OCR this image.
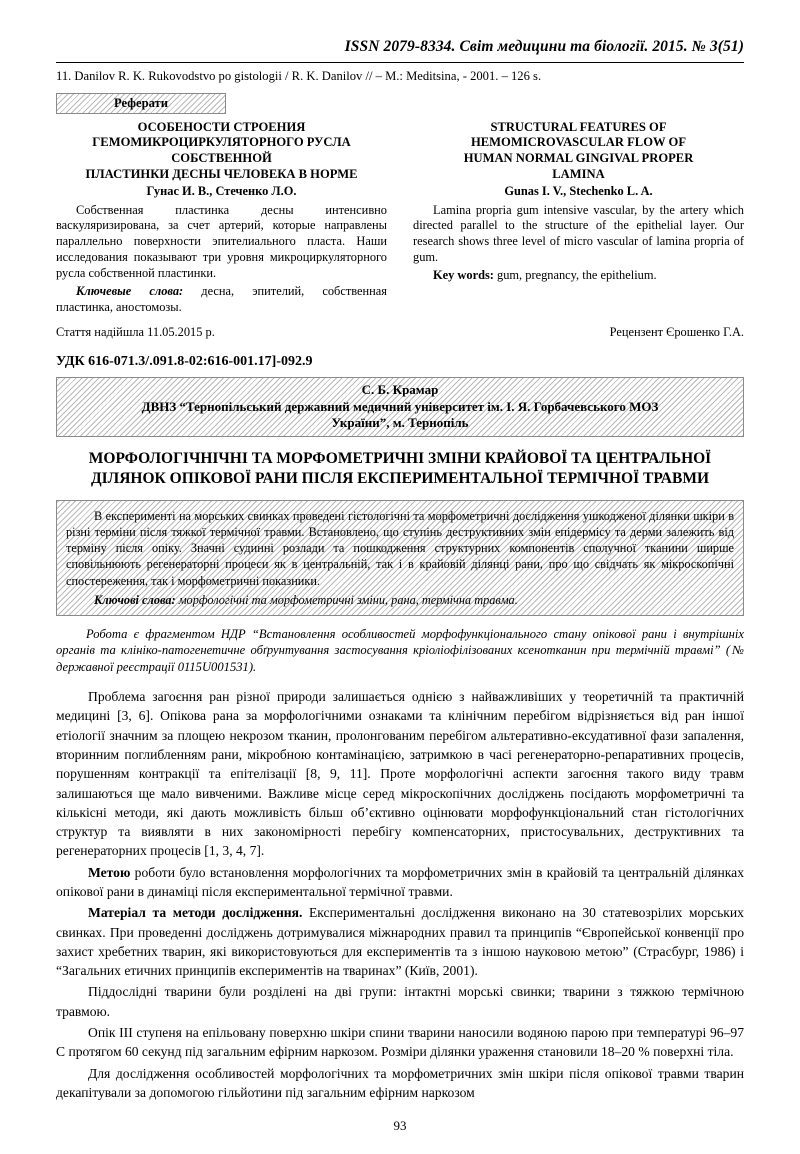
ISSN 2079-8334. Світ медицини та біології. 2015. № 3(51)
11. Danilov R. K. Rukovodstvo po gistologii / R. K. Danilov // – M.: Meditsina, - 2001. – 126 s.
Реферати
ОСОБЕНОСТИ СТРОЕНИЯ
ГЕМОМИКРОЦИРКУЛЯТОРНОГО РУСЛА СОБСТВЕННОЙ
ПЛАСТИНКИ ДЕСНЫ ЧЕЛОВЕКА В НОРМЕ
Гунас И. В., Стеченко Л.О.

Собственная пластинка десны интенсивно васкуляризирована, за счет артерий, которые направлены параллельно поверхности эпителиального пласта. Наши исследования показывают три уровня микроциркуляторного русла собственной пластинки.

Ключевые слова: десна, эпителий, собственная пластинка, аностомозы.

STRUCTURAL FEATURES OF
HEMOMICROVASCULAR FLOW OF
HUMAN NORMAL GINGIVAL PROPER
LAMINA
Gunas I. V., Stechenko L. A.

Lamina propria gum intensive vascular, by the artery which directed parallel to the structure of the epithelial layer. Our research shows three level of micro vascular of lamina propria of gum.

Key words: gum, pregnancy, the epithelium.

Стаття надійшла 11.05.2015 р.	Рецензент Єрошенко Г.А.
УДК 616-071.3/.091.8-02:616-001.17]-092.9
С. Б. Крамар
ДВНЗ “Тернопільський державний медичний університет ім. І. Я. Горбачевського МОЗ
України”, м. Тернопіль
МОРФОЛОГІЧНІЧНІ ТА МОРФОМЕТРИЧНІ ЗМІНИ КРАЙОВОЇ ТА ЦЕНТРАЛЬНОЇ ДІЛЯНОК ОПІКОВОЇ РАНИ ПІСЛЯ ЕКСПЕРИМЕНТАЛЬНОЇ ТЕРМІЧНОЇ ТРАВМИ
В експерименті на морських свинках проведені гістологічні та морфометричні дослідження ушкодженої ділянки шкіри в різні терміни після тяжкої термічної травми. Встановлено, що ступінь деструктивних змін епідермісу та дерми залежить від терміну після опіку. Значні судинні розлади та пошкодження структурних компонентів сполучної тканини ширше сповільнюють регенераторні процеси як в центральній, так і в крайовій ділянці рани, про що свідчать як мікроскопічні спостереження, так і морфометричні показники.
Ключові слова: морфологічні та морфометричні зміни, рана, термічна травма.
Робота є фрагментом НДР “Встановлення особливостей морфофункціонального стану опікової рани і внутрішніх органів та клініко-патогенетичне обґрунтування застосування кріоліофілізованих ксенотканин при термічній травмі” (№ державної реєстрації 0115U001531).

Проблема загоєння ран різної природи залишається однією з найважливіших у теоретичній та практичній медицині [3, 6]. Опікова рана за морфологічними ознаками та клінічним перебігом відрізняється від ран іншої етіології значним за площею некрозом тканин, пролонгованим перебігом альтеративно-ексудативної фази запалення, вторинним поглибленням рани, мікробною контамінацією, затримкою в часі регенераторно-репаративних процесів, порушенням контракції та епітелізації [8, 9, 11]. Проте морфологічні аспекти загоєння такого виду травм залишаються ще мало вивченими. Важливе місце серед мікроскопічних досліджень посідають морфометричні та кількісні методи, які дають можливість більш об’єктивно оцінювати морфофункціональний стан гістологічних структур та виявляти в них закономірності перебігу компенсаторних, пристосувальних, деструктивних та регенераторних процесів [1, 3, 4, 7].

Метою роботи було встановлення морфологічних та морфометричних змін в крайовій та центральній ділянках опікової рани в динаміці після експериментальної термічної травми.

Матеріал та методи дослідження. Експериментальні дослідження виконано на 30 статевозрілих морських свинках. При проведенні досліджень дотримувалися міжнародних правил та принципів “Європейської конвенції про захист хребетних тварин, які використовуються для експериментів та з іншою науковою метою” (Страсбург, 1986) і “Загальних етичних принципів експериментів на тваринах” (Київ, 2001).

Піддослідні тварини були розділені на дві групи: інтактні морські свинки; тварини з тяжкою термічною травмою.

Опік ІІІ ступеня на епільовану поверхню шкіри спини тварини наносили водяною парою при температурі 96–97 С протягом 60 секунд під загальним ефірним наркозом. Розміри ділянки ураження становили 18–20 % поверхні тіла.

Для дослідження особливостей морфологічних та морфометричних змін шкіри після опікової травми тварин декапітували за допомогою гільйотини під загальним ефірним наркозом

93
